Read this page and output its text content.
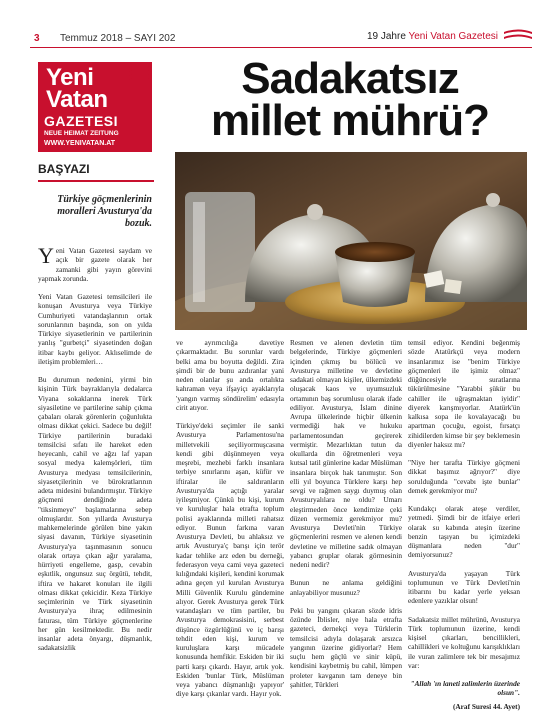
3 Temmuz 2018 – SAYI 202	19 Jahre Yeni Vatan Gazetesi
Yeni
Vatan
GAZETESI
NEUE HEIMAT ZEITUNG
WWW.YENIVATAN.AT
BAŞYAZI
Sadakatsız
millet mührü?
Türkiye göçmenlerinin moralleri Avusturya'da bozuk.

Yeni Vatan Gazetesi saydam ve açık bir gazete olarak her zamanki gibi yayın görevini yapmak zorunda.

Yeni Vatan Gazetesi temsilcileri ile konuşan Avusturya veya Türkiye Cumhuriyeti vatandaşlarının ortak sorunlarının başında, son on yılda Türkiye siyasetlerinin ve partilerinin yanlış "gurbetçi" siyasetinden doğan itibar kaybı geliyor. Aklıselimde de iletişim problemleri…

Bu durumun nedenini, yirmi bin kişinin Türk bayraklarıyla dedalarca Viyana sokaklarına inerek Türk siyasiletine ve partilerine sahip çıkma çabaları olarak görenlerin çoğunlukta olması dikkat çekici. Sadece bu değil! Türkiye partilerinin buradaki temsilcisi sıfatı ile hareket eden heyecanlı, cahil ve ağzı laf yapan sosyal medya kalemşörleri, tüm Avusturya medyası temsilcilerinin, siyasetçilerinin ve bürokratlarının adeta midesini bulandırmıştır. Türkiye göçmeni dendiğinde adeta "tiksinmeye" başlamalarına sebep olmuşlardır. Son yıllarda Avusturya mahkemelerinde görülen bine yakın siyasi davanın, Türkiye siyasetinin Avusturya'ya taşınmasının sonucu olarak ortaya çıkan ağır yaralama, hürriyeti engelleme, gasp, cevabin eşkıtlik, ongunsuz suç örgütü, tehdit, iftira ve hakaret konuları ile ilgili olması dikkat çekicidir. Keza Türkiye seçimlerinin ve Türk siyasetinin Avusturya'ya ihraç edilmesinin faturası, tüm Türkiye göçmenlerine her gün kesilmektedir. Bu nedir insanlar adeta önyargı, düşmanlık, sadakatsizlik

ve ayrımcılığa davetiye çıkarmaktadır. Bu sorunlar vardı belki ama bu boyutta değildi. Zira şimdi bir de bunu azdıranlar yani neden olanlar şu anda ortalıkta kahraman veya ifşayiçı ayaklarıyla 'yangın varmış söndürelim' edasıyla cirit atıyor.

Türkiye'deki seçimler ile sanki Avusturya Parlamentosu'na milletvekili seçiliyormuşcasına kendi gibi düşünmeyen veya meşrebi, mezhebi farklı insanlara terbiye sınırlarını aşan, küfür ve iftiralar ile saldıranların Avusturya'da açtığı yaralar iyileşmiyor. Çünkü bu kişi, kurum ve kuruluşlar hala etrafta toplum polisi ayaklarında milleti rahatsız ediyor. Bunun farkına varan Avusturya Devleti, bu ahlaksız ve artık Avusturya'ç barışı için terör kadar tehlike arz eden bu derneği, federasyon veya cami veya gazeteci kılığındaki kişileri, kendini korumak adına geçen yıl kurulan Avusturya Milli Güvenlik Kurulu gündemine alıyor. Gerek Avusturya gerek Türk vatandaşları ve tüm partiler, bu Avusturya demokrasisini, serbest düşünce özgürlüğünü ve iç barışı tehdit eden kişi, kurum ve kuruluşlara karşı mücadele konusunda hemfikir. Eskiden bir iki parti karşı çıkardı. Hayır, artık yok. Eskiden 'bunlar Türk, Müslüman veya yabancı düşmanlığı yapıyor' diye karşı çıkanlar vardı. Hayır yok.

Resmen ve alenen devletin tüm belgelerinde, Türkiye göçmenleri içinden çıkmış bu bölücü ve Avusturya milletine ve devletine sadakati olmayan kişiler, ülkemizdeki oluşacak kaos ve uyumsuzluk ortamının baş sorumlusu olarak ifade ediliyor. Avusturya, İslam dinine Avrupa ülkelerinde hiçbir ülkenin vermediği hak ve hukuku parlamentosundan geçirerek vermiştir. Mezarlıktan tutun da okullarda din öğretmenleri veya kutsal tatil günlerine kadar Müslüman insanlara birçok hak tanımıştır. Son elli yıl boyunca Türklere karşı hep sevgi ve rağmen saygı duymuş olan Avusturyalılara ne oldu? Umarı eleştirmeden önce kendimize çeki düzen vermemiz gerekmiyor mu? Avusturya Devleti'nin Türkiye göçmenlerini resmen ve alenen kendi devletine ve milletine sadık olmayan yabancı gruplar olarak görmesinin nedeni nedir?

Bunun ne anlama geldiğini anlayabiliyor musunuz?

Peki bu yangını çıkaran sözde idris özünde İblisler, niye hala etrafta gazeteci, dernekçi veya Türklerin temsilcisi adıyla dolaşarak arsızca yangının üzerine gidiyorlar? Hem suçlu hem güçlü ve sinir küpü, kendisini kaybetmiş bu cahil, lümpen proleter kavganın tam deneye bin şahitler, Türkleri

temsil ediyor. Kendini beğenmiş sözde Atatürkçü veya modern insanlarımız ise "benim Türkiye göçmenleri ile işimiz olmaz" düğüncesiyle suratlarına tükürülmesine "Yarabbi şükür bu cahiller ile uğraşmaktan iyidir" diyerek karışmıyorlar. Atatürk'ün kalkısa sopa ile kovalayacağı bu apartman çocuğu, egoist, fırsatçı zihidilerden kimse bir şey beklemesin diyenler haksız mı?

"Niye her tarafta Türkiye göçmeni dikkat başımız ağrıyor?" diye sorulduğunda "cevabı işte bunlar" demek gerekmiyor mu?

Kundakçı olarak ateşe verdiler, yetmedi. Şimdi bir de itfaiye erleri olarak su kabında ateşin üzerine benzin taşıyan bu içimizdeki düşmanlara neden "dur" demiyorsunuz?

Avusturya'da yaşayan Türk toplumunun ve Türk Devleti'nin itibarını bu kadar yerle yeksan edenlere yazıklar olsun!

Sadakatsiz millet mührünü, Avusturya Türk toplumunun üzerine, kendi kişisel çıkarları, bencillikleri, cahillikleri ve koltuğunu karışıklıkları ile vuran zalimlere tek bir mesajımız var:

"Allah 'ın laneti zalimlerin üzerinde olsun".
(Araf Suresi 44. Ayet)
